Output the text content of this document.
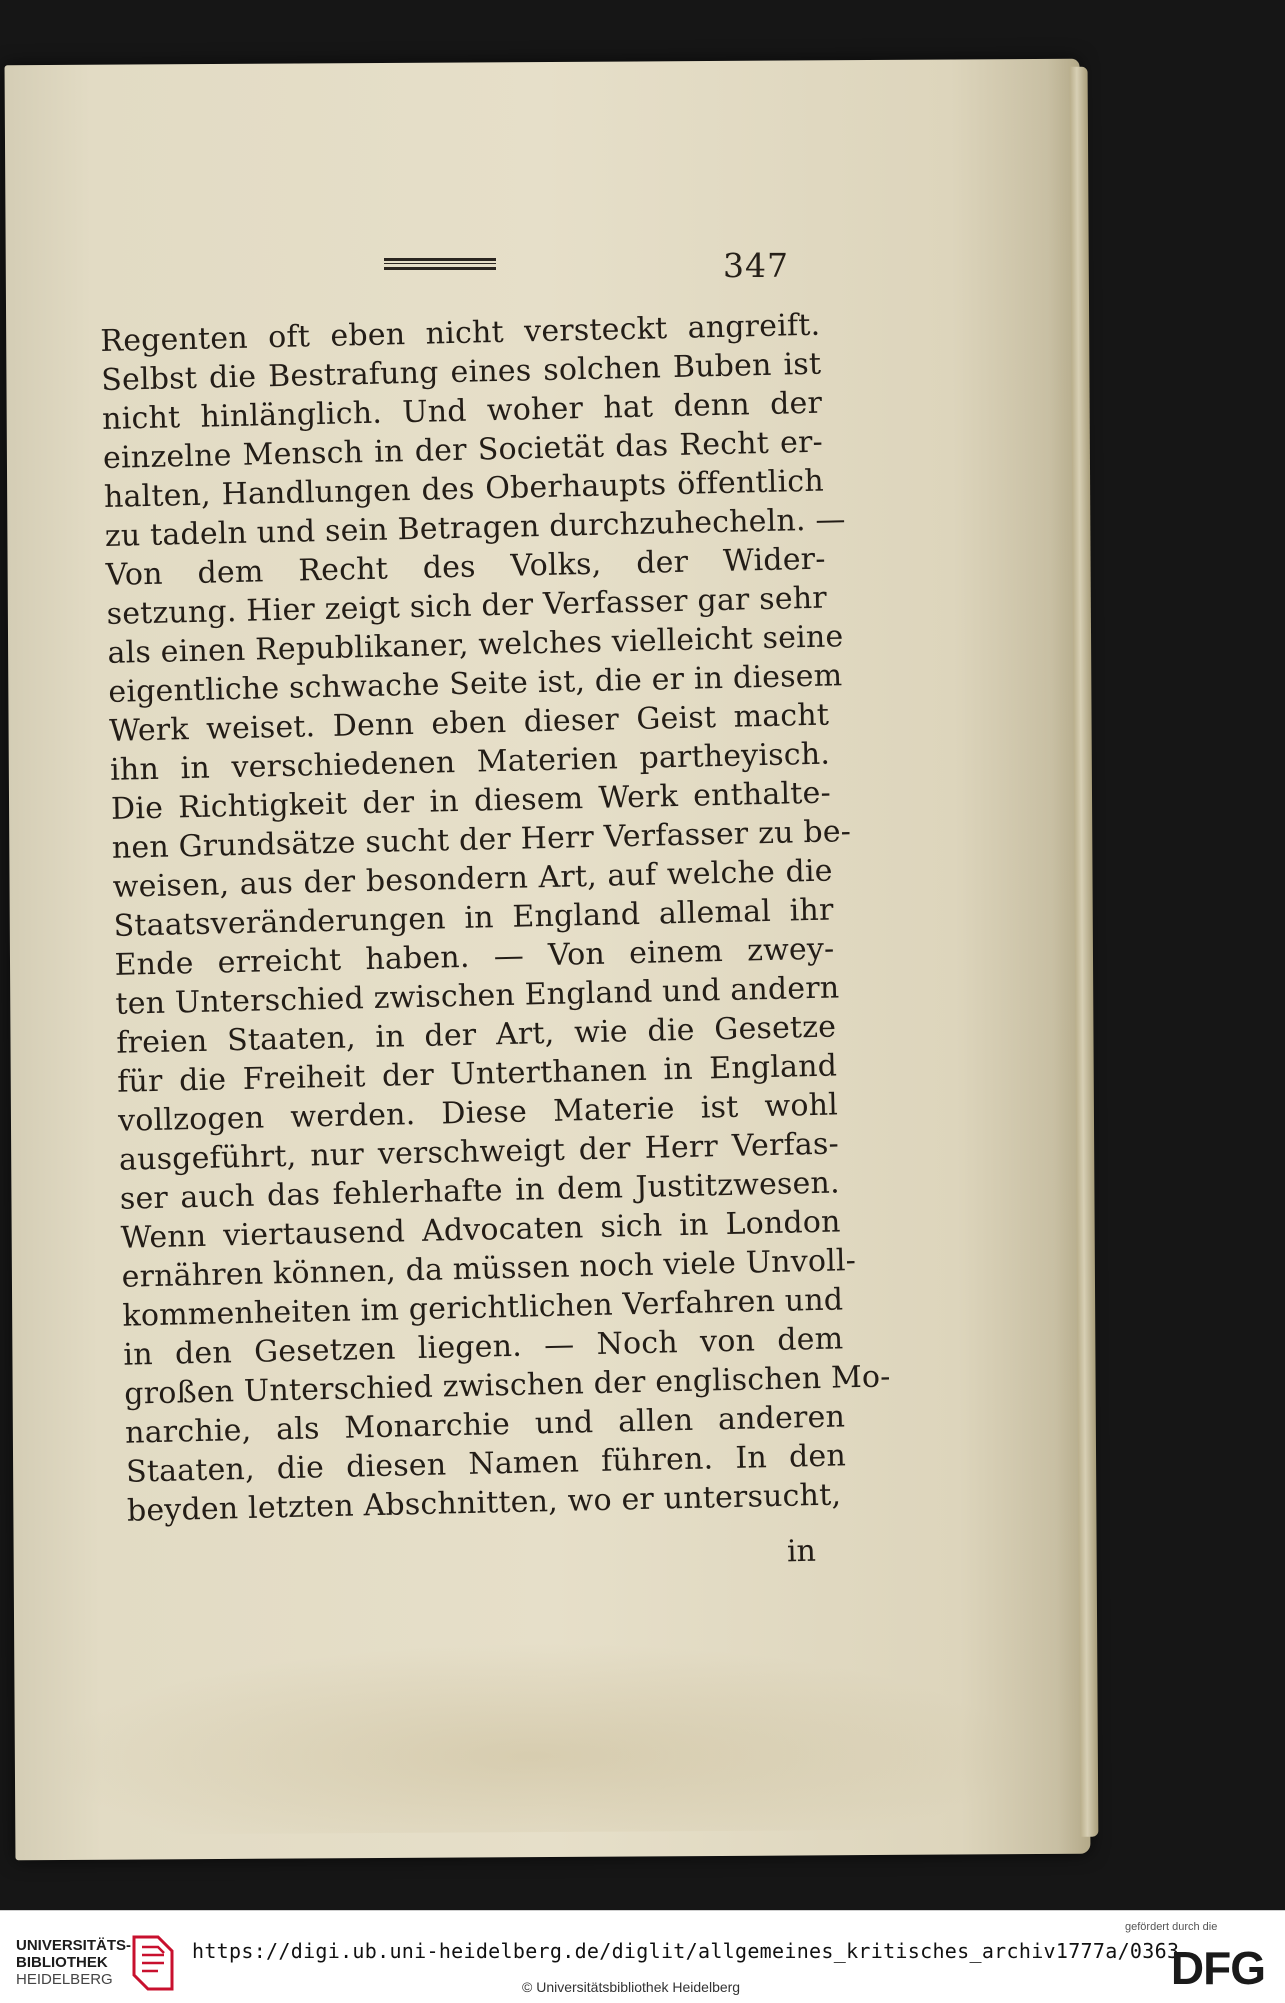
347
Regenten oft eben nicht versteckt angreift.
Selbst die Bestrafung eines solchen Buben ist
nicht hinlänglich. Und woher hat denn der
einzelne Mensch in der Societät das Recht er-
halten, Handlungen des Oberhaupts öffentlich
zu tadeln und sein Betragen durchzuhecheln. —
Von dem Recht des Volks, der Wider-
setzung. Hier zeigt sich der Verfasser gar sehr
als einen Republikaner, welches vielleicht seine
eigentliche schwache Seite ist, die er in diesem
Werk weiset. Denn eben dieser Geist macht
ihn in verschiedenen Materien partheyisch.
Die Richtigkeit der in diesem Werk enthalte-
nen Grundsätze sucht der Herr Verfasser zu be-
weisen, aus der besondern Art, auf welche die
Staatsveränderungen in England allemal ihr
Ende erreicht haben. — Von einem zwey-
ten Unterschied zwischen England und andern
freien Staaten, in der Art, wie die Gesetze
für die Freiheit der Unterthanen in England
vollzogen werden. Diese Materie ist wohl
ausgeführt, nur verschweigt der Herr Verfas-
ser auch das fehlerhafte in dem Justitzwesen.
Wenn viertausend Advocaten sich in London
ernähren können, da müssen noch viele Unvoll-
kommenheiten im gerichtlichen Verfahren und
in den Gesetzen liegen. — Noch von dem
großen Unterschied zwischen der englischen Mo-
narchie, als Monarchie und allen anderen
Staaten, die diesen Namen führen. In den
beyden letzten Abschnitten, wo er untersucht,
in
UNIVERSITÄTS-
BIBLIOTHEK
HEIDELBERG
https://digi.ub.uni-heidelberg.de/diglit/allgemeines_kritisches_archiv1777a/0363
© Universitätsbibliothek Heidelberg
gefördert durch die
DFG
